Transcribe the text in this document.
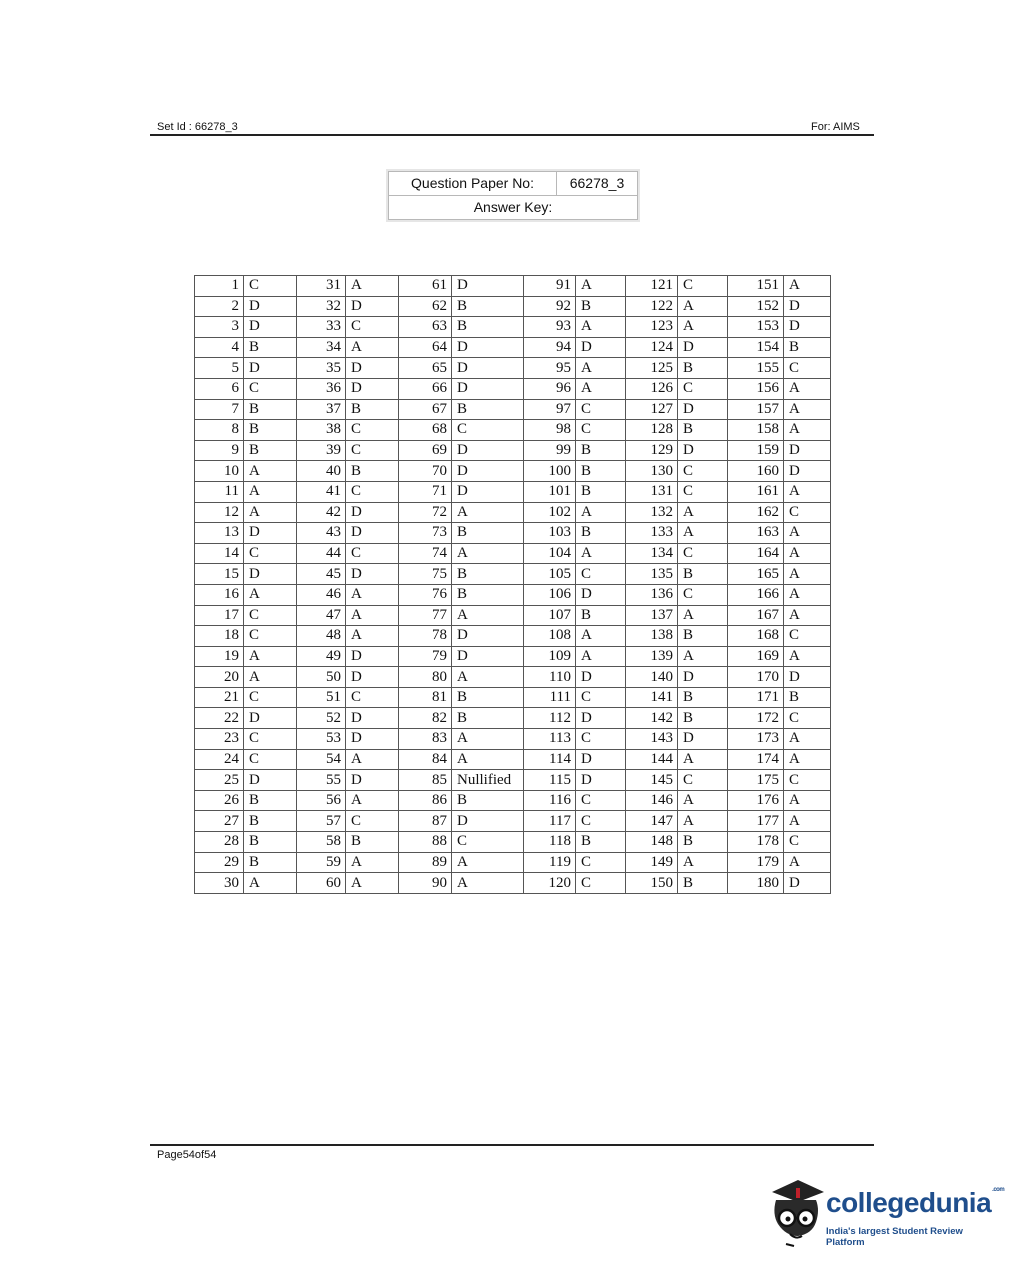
Set Id : 66278_3	For: AIMS
Question Paper No:	66278_3
Answer Key:
1	C	31	A	61	D	91	A	121	C	151	A
2	D	32	D	62	B	92	B	122	A	152	D
3	D	33	C	63	B	93	A	123	A	153	D
4	B	34	A	64	D	94	D	124	D	154	B
5	D	35	D	65	D	95	A	125	B	155	C
6	C	36	D	66	D	96	A	126	C	156	A
7	B	37	B	67	B	97	C	127	D	157	A
8	B	38	C	68	C	98	C	128	B	158	A
9	B	39	C	69	D	99	B	129	D	159	D
10	A	40	B	70	D	100	B	130	C	160	D
11	A	41	C	71	D	101	B	131	C	161	A
12	A	42	D	72	A	102	A	132	A	162	C
13	D	43	D	73	B	103	B	133	A	163	A
14	C	44	C	74	A	104	A	134	C	164	A
15	D	45	D	75	B	105	C	135	B	165	A
16	A	46	A	76	B	106	D	136	C	166	A
17	C	47	A	77	A	107	B	137	A	167	A
18	C	48	A	78	D	108	A	138	B	168	C
19	A	49	D	79	D	109	A	139	A	169	A
20	A	50	D	80	A	110	D	140	D	170	D
21	C	51	C	81	B	111	C	141	B	171	B
22	D	52	D	82	B	112	D	142	B	172	C
23	C	53	D	83	A	113	C	143	D	173	A
24	C	54	A	84	A	114	D	144	A	174	A
25	D	55	D	85	Nullified	115	D	145	C	175	C
26	B	56	A	86	B	116	C	146	A	176	A
27	B	57	C	87	D	117	C	147	A	177	A
28	B	58	B	88	C	118	B	148	B	178	C
29	B	59	A	89	A	119	C	149	A	179	A
30	A	60	A	90	A	120	C	150	B	180	D
Page54of54
collegedunia$^{.com}$
India's largest Student Review Platform
